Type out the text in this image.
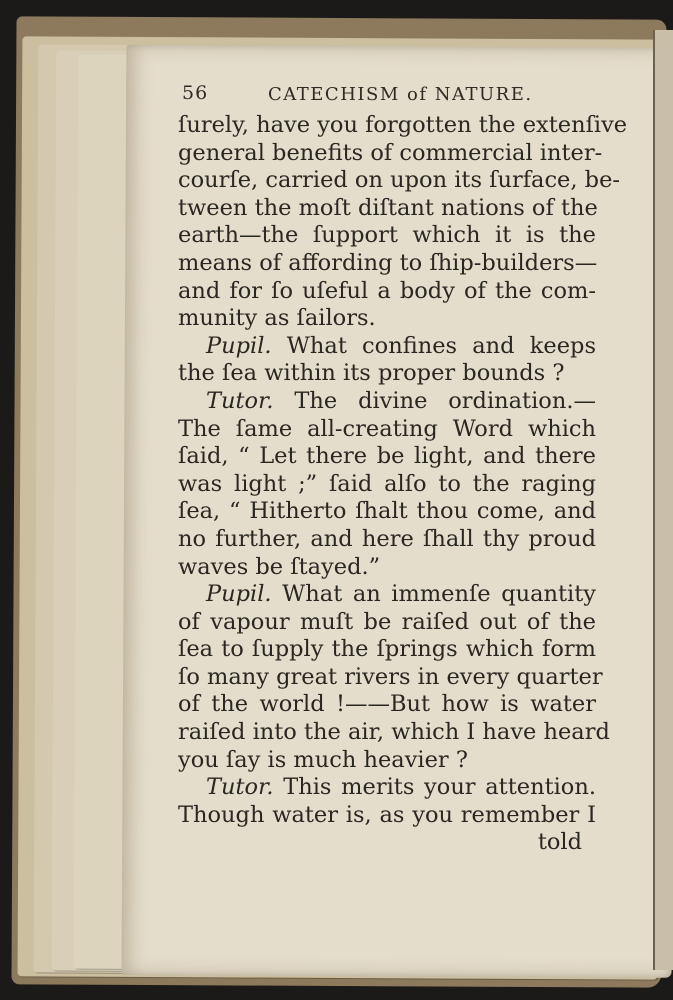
56	CATECHISM of NATURE.
ſurely, have you forgotten the extenſive
general benefits of commercial inter-
courſe, carried on upon its ſurface, be-
tween the moſt diſtant nations of the
earth—the ſupport which it is the
means of affording to ſhip-builders—
and for ſo uſeful a body of the com-
munity as ſailors.
Pupil. What confines and keeps
the ſea within its proper bounds ?
Tutor. The divine ordination.—
The ſame all-creating Word which
ſaid, “ Let there be light, and there
was light ;” ſaid alſo to the raging
ſea, “ Hitherto ſhalt thou come, and
no further, and here ſhall thy proud
waves be ſtayed.”
Pupil. What an immenſe quantity
of vapour muſt be raiſed out of the
ſea to ſupply the ſprings which form
ſo many great rivers in every quarter
of the world !——But how is water
raiſed into the air, which I have heard
you ſay is much heavier ?
Tutor. This merits your attention.
Though water is, as you remember I
told
